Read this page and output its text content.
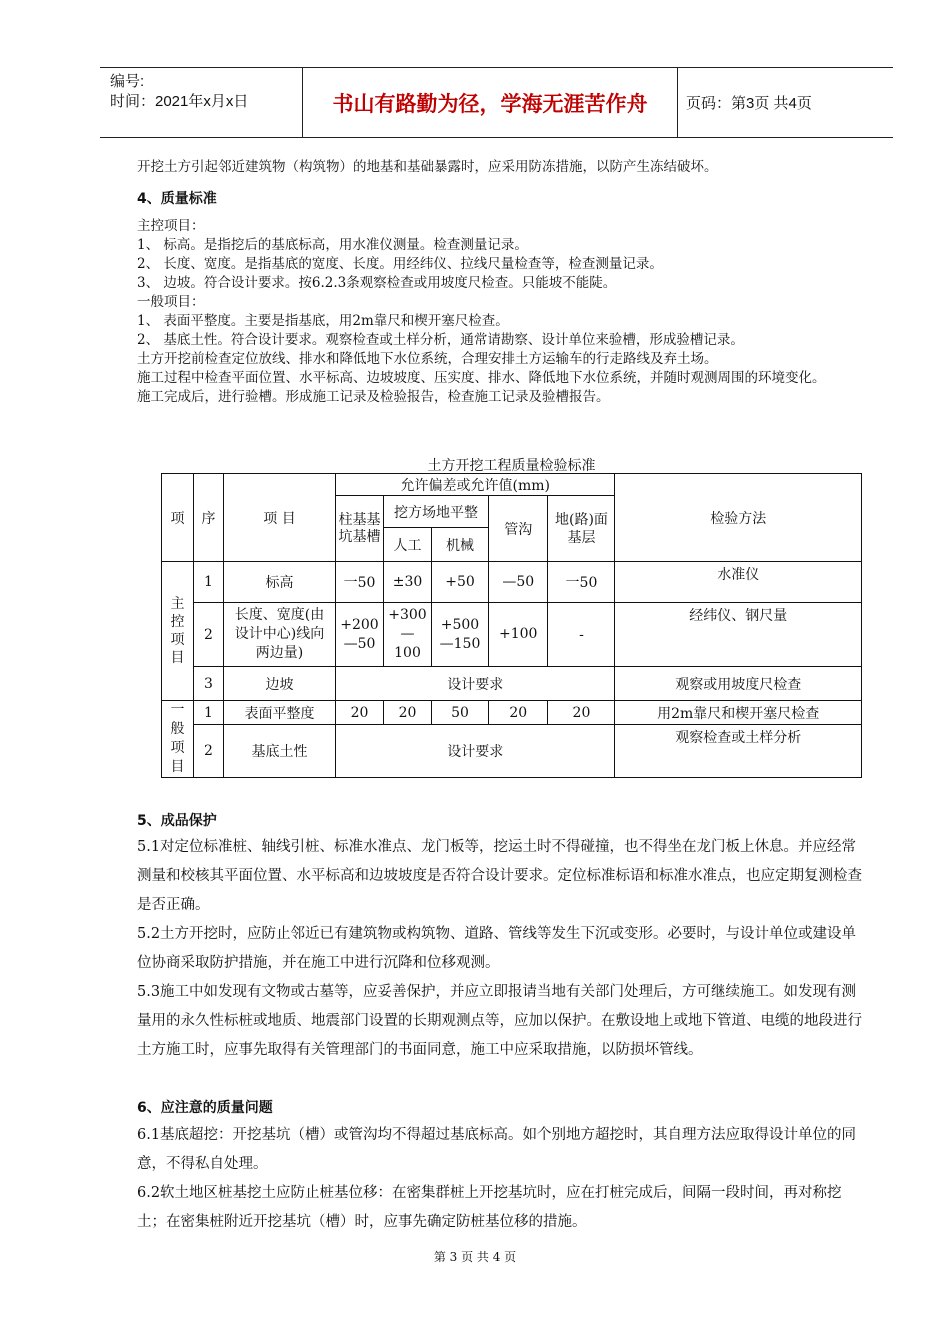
编号:
时间：2021年x月x日	书山有路勤为径，学海无涯苦作舟	页码：第3页 共4页
开挖土方引起邻近建筑物（构筑物）的地基和基础暴露时，应采用防冻措施，以防产生冻结破坏。
4、质量标准

主控项目：

1、 标高。是指挖后的基底标高，用水准仪测量。检查测量记录。

2、 长度、宽度。是指基底的宽度、长度。用经纬仪、拉线尺量检查等，检查测量记录。

3、 边坡。符合设计要求。按6.2.3条观察检查或用坡度尺检查。只能坡不能陡。

一般项目：

1、 表面平整度。主要是指基底，用2m靠尺和楔开塞尺检查。

2、 基底土性。符合设计要求。观察检查或土样分析，通常请勘察、设计单位来验槽，形成验槽记录。

土方开挖前检查定位放线、排水和降低地下水位系统，合理安排土方运输车的行走路线及弃土场。

施工过程中检查平面位置、水平标高、边坡坡度、压实度、排水、降低地下水位系统，并随时观测周围的环境变化。

施工完成后，进行验槽。形成施工记录及检验报告，检查施工记录及验槽报告。

土方开挖工程质量检验标准
项	序	项 目	允许偏差或允许值(mm)					检验方法
			柱基基坑基槽	挖方场地平整		管沟	地(路)面基层	
				人工	机械			
主控项目	1	标高	一50	±30	+50	—50	一50	水准仪
	2	长度、宽度(由设计中心)线向两边量)	+200—50	+300—100	+500—150	+100	-	经纬仪、钢尺量
	3	边坡	设计要求					观察或用坡度尺检查
一般项目	1	表面平整度	20	20	50	20	20	用2m靠尺和楔开塞尺检查
	2	基底土性	设计要求					观察检查或土样分析
5、成品保护

5.1对定位标准桩、轴线引桩、标准水准点、龙门板等，挖运土时不得碰撞，也不得坐在龙门板上休息。并应经常测量和校核其平面位置、水平标高和边坡坡度是否符合设计要求。定位标准标语和标准水准点，也应定期复测检查是否正确。

5.2土方开挖时，应防止邻近已有建筑物或构筑物、道路、管线等发生下沉或变形。必要时，与设计单位或建设单位协商采取防护措施，并在施工中进行沉降和位移观测。

5.3施工中如发现有文物或古墓等，应妥善保护，并应立即报请当地有关部门处理后，方可继续施工。如发现有测量用的永久性标桩或地质、地震部门设置的长期观测点等，应加以保护。在敷设地上或地下管道、电缆的地段进行土方施工时，应事先取得有关管理部门的书面同意，施工中应采取措施，以防损坏管线。

6、应注意的质量问题

6.1基底超挖：开挖基坑（槽）或管沟均不得超过基底标高。如个别地方超挖时，其自理方法应取得设计单位的同意，不得私自处理。

6.2软土地区桩基挖土应防止桩基位移：在密集群桩上开挖基坑时，应在打桩完成后，间隔一段时间，再对称挖土；在密集桩附近开挖基坑（槽）时，应事先确定防桩基位移的措施。

第 3 页 共 4 页
